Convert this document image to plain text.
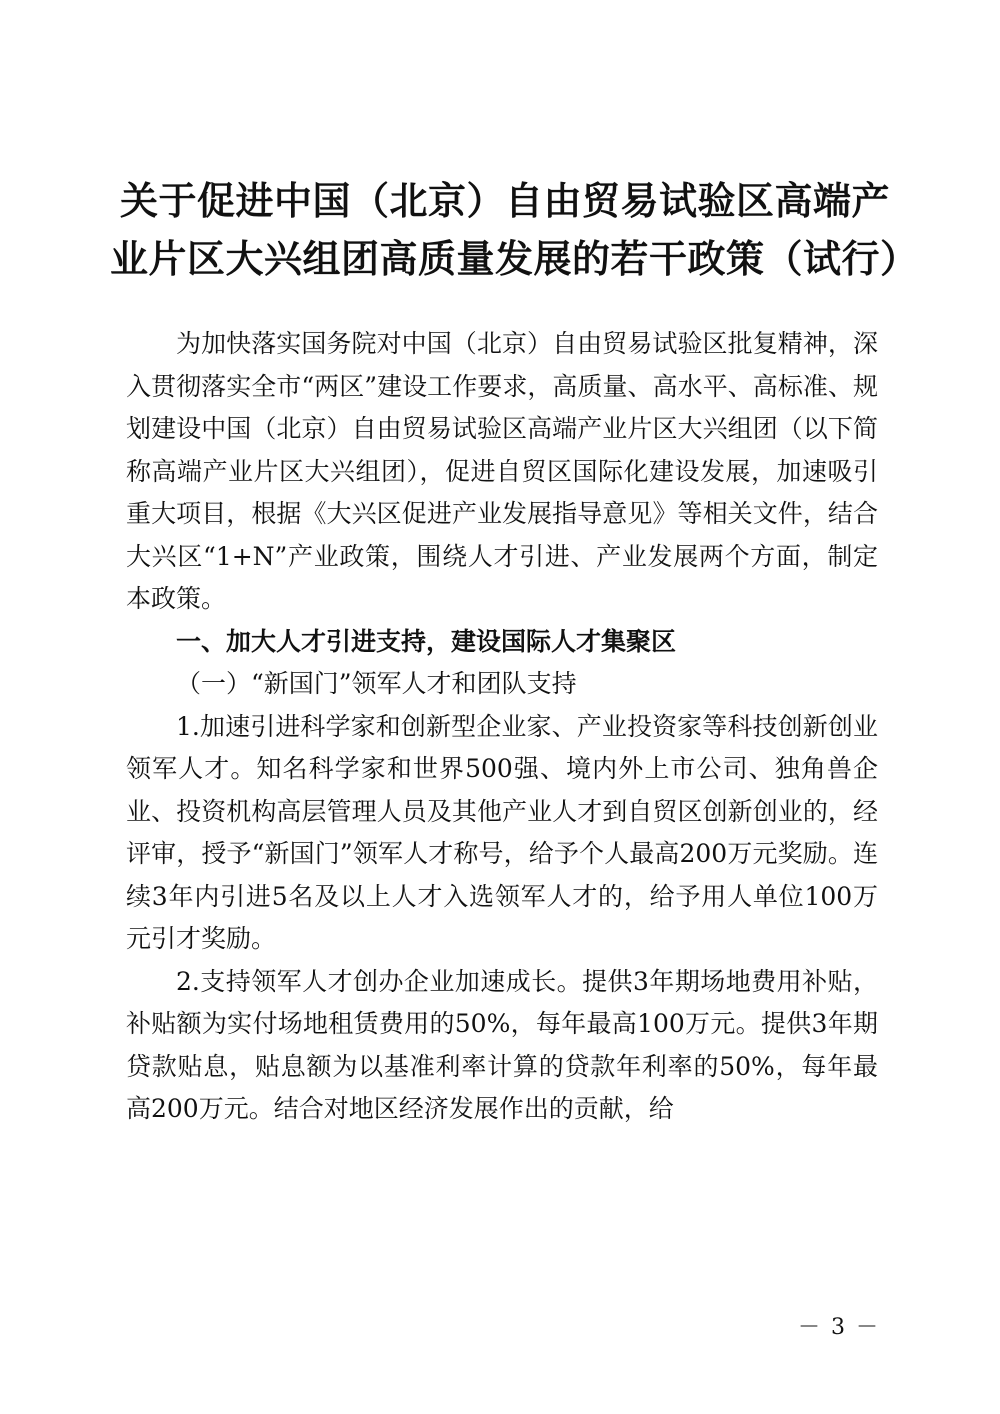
关于促进中国（北京）自由贸易试验区高端产
业片区大兴组团高质量发展的若干政策（试行）

为加快落实国务院对中国（北京）自由贸易试验区批复精神，深入贯彻落实全市“两区”建设工作要求，高质量、高水平、高标准、规划建设中国（北京）自由贸易试验区高端产业片区大兴组团（以下简称高端产业片区大兴组团），促进自贸区国际化建设发展，加速吸引重大项目，根据《大兴区促进产业发展指导意见》等相关文件，结合大兴区“1+N”产业政策，围绕人才引进、产业发展两个方面，制定本政策。

一、加大人才引进支持，建设国际人才集聚区

（一）“新国门”领军人才和团队支持

1.加速引进科学家和创新型企业家、产业投资家等科技创新创业领军人才。知名科学家和世界500强、境内外上市公司、独角兽企业、投资机构高层管理人员及其他产业人才到自贸区创新创业的，经评审，授予“新国门”领军人才称号，给予个人最高200万元奖励。连续3年内引进5名及以上人才入选领军人才的，给予用人单位100万元引才奖励。

2.支持领军人才创办企业加速成长。提供3年期场地费用补贴，补贴额为实付场地租赁费用的50%，每年最高100万元。提供3年期贷款贴息，贴息额为以基准利率计算的贷款年利率的50%，每年最高200万元。结合对地区经济发展作出的贡献，给

－ 3 －
